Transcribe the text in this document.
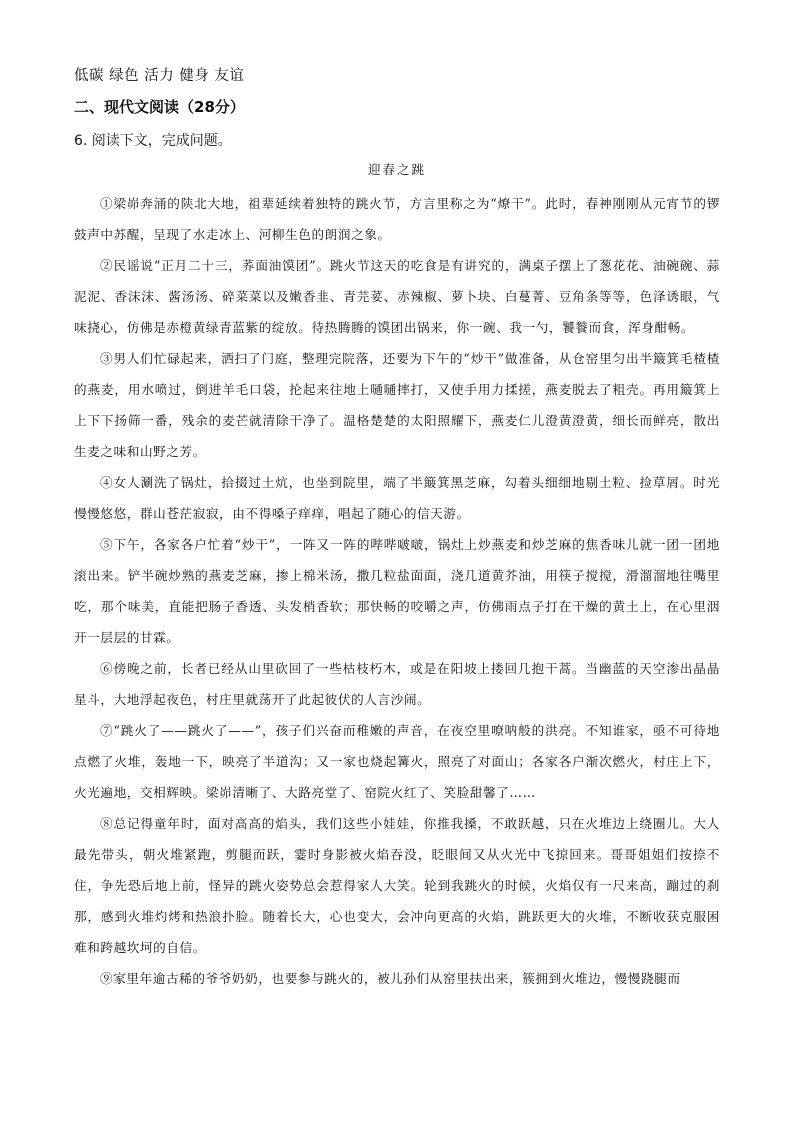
低碳 绿色 活力 健身 友谊
二、现代文阅读（28分）
6. 阅读下文，完成问题。
迎春之跳

①梁峁奔涌的陕北大地，祖辈延续着独特的跳火节，方言里称之为“燎干”。此时，春神刚刚从元宵节的锣鼓声中苏醒，呈现了水走冰上、河柳生色的朗润之象。

②民谣说“正月二十三，荞面油馍团”。跳火节这天的吃食是有讲究的，满桌子摆上了葱花花、油碗碗、蒜泥泥、香沫沫、酱汤汤、碎菜菜以及嫩香韭、青芫荽、赤辣椒、萝卜块、白蔓菁、豆角条等等，色泽诱眼，气味挠心，仿佛是赤橙黄绿青蓝紫的绽放。待热腾腾的馍团出锅来，你一碗、我一勺，饕餮而食，浑身酣畅。

③男人们忙碌起来，洒扫了门庭，整理完院落，还要为下午的“炒干”做准备，从仓窑里匀出半簸箕毛楂楂的燕麦，用水喷过，倒进羊毛口袋，抡起来往地上嗵嗵摔打，又使手用力揉搓，燕麦脱去了粗壳。再用簸箕上上下下扬筛一番，残余的麦芒就清除干净了。温格楚楚的太阳照耀下，燕麦仁儿澄黄澄黄，细长而鲜亮，散出生麦之味和山野之芳。

④女人涮洗了锅灶，拾掇过土炕，也坐到院里，端了半簸箕黑芝麻，勾着头细细地剔土粒、捡草屑。时光慢慢悠悠，群山苍茫寂寂，由不得嗓子痒痒，唱起了随心的信天游。

⑤下午，各家各户忙着“炒干”，一阵又一阵的哔哔啵啵，锅灶上炒燕麦和炒芝麻的焦香味儿就一团一团地滚出来。铲半碗炒熟的燕麦芝麻，掺上棉米汤，撒几粒盐面面，浇几道黄芥油，用筷子搅搅，滑溜溜地往嘴里吃，那个味美，直能把肠子香透、头发梢香软；那快畅的咬嚼之声，仿佛雨点子打在干燥的黄土上，在心里洇开一层层的甘霖。

⑥傍晚之前，长者已经从山里砍回了一些枯枝朽木，或是在阳坡上搂回几抱干蒿。当幽蓝的天空渗出晶晶星斗，大地浮起夜色，村庄里就荡开了此起彼伏的人言沙闹。

⑦“跳火了——跳火了——”，孩子们兴奋而稚嫩的声音，在夜空里嘹呐般的洪亮。不知谁家，亟不可待地点燃了火堆，轰地一下，映亮了半道沟；又一家也烧起篝火，照亮了对面山；各家各户渐次燃火，村庄上下，火光遍地，交相辉映。梁峁清晰了、大路亮堂了、窑院火红了、笑脸甜馨了……

⑧总记得童年时，面对高高的焰头，我们这些小娃娃，你推我搡，不敢跃越，只在火堆边上绕圈儿。大人最先带头，朝火堆紧跑，剪腿而跃，霎时身影被火焰吞没，眨眼间又从火光中飞掠回来。哥哥姐姐们按捺不住，争先恐后地上前，怪异的跳火姿势总会惹得家人大笑。轮到我跳火的时候，火焰仅有一尺来高，蹦过的刹那，感到火堆灼烤和热浪扑脸。随着长大，心也变大，会冲向更高的火焰，跳跃更大的火堆，不断收获克服困难和跨越坎坷的自信。

⑨家里年逾古稀的爷爷奶奶，也要参与跳火的，被儿孙们从窑里扶出来，簇拥到火堆边，慢慢跷腿而
